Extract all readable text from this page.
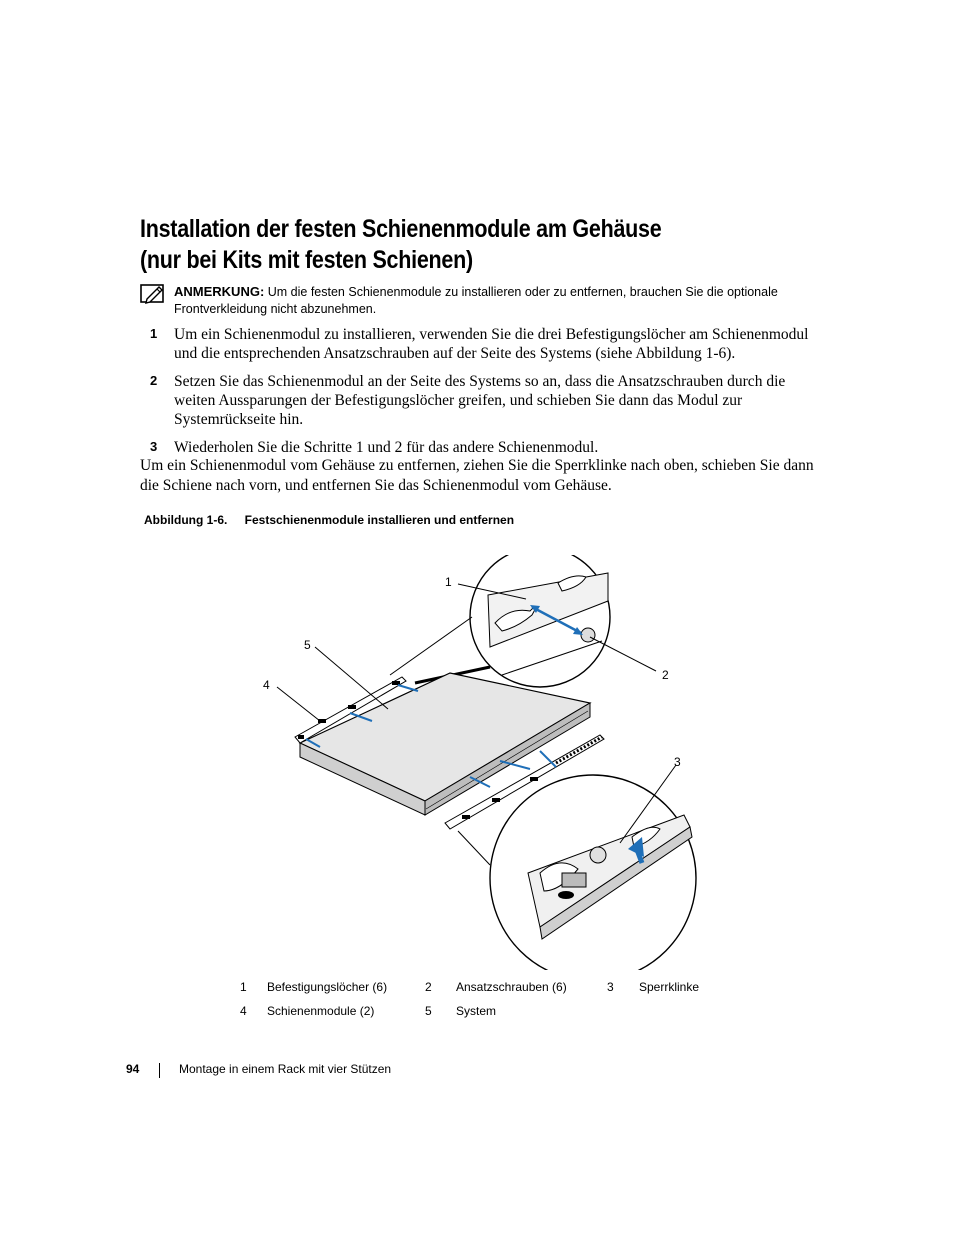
Installation der festen Schienenmodule am Gehäuse
(nur bei Kits mit festen Schienen)
ANMERKUNG: Um die festen Schienenmodule zu installieren oder zu entfernen, brauchen Sie die optionale Frontverkleidung nicht abzunehmen.
1 Um ein Schienenmodul zu installieren, verwenden Sie die drei Befestigungslöcher am Schienenmodul und die entsprechenden Ansatzschrauben auf der Seite des Systems (siehe Abbildung 1-6).
2 Setzen Sie das Schienenmodul an der Seite des Systems so an, dass die Ansatzschrauben durch die weiten Aussparungen der Befestigungslöcher greifen, und schieben Sie dann das Modul zur Systemrückseite hin.
3 Wiederholen Sie die Schritte 1 und 2 für das andere Schienenmodul.
Um ein Schienenmodul vom Gehäuse zu entfernen, ziehen Sie die Sperrklinke nach oben, schieben Sie dann die Schiene nach vorn, und entfernen Sie das Schienenmodul vom Gehäuse.
Abbildung 1-6. Festschienenmodule installieren und entfernen
1
2
3
4
5
1 Befestigungslöcher (6)	2 Ansatzschrauben (6)	3 Sperrklinke
4 Schienenmodule (2)	5 System
94	Montage in einem Rack mit vier Stützen
